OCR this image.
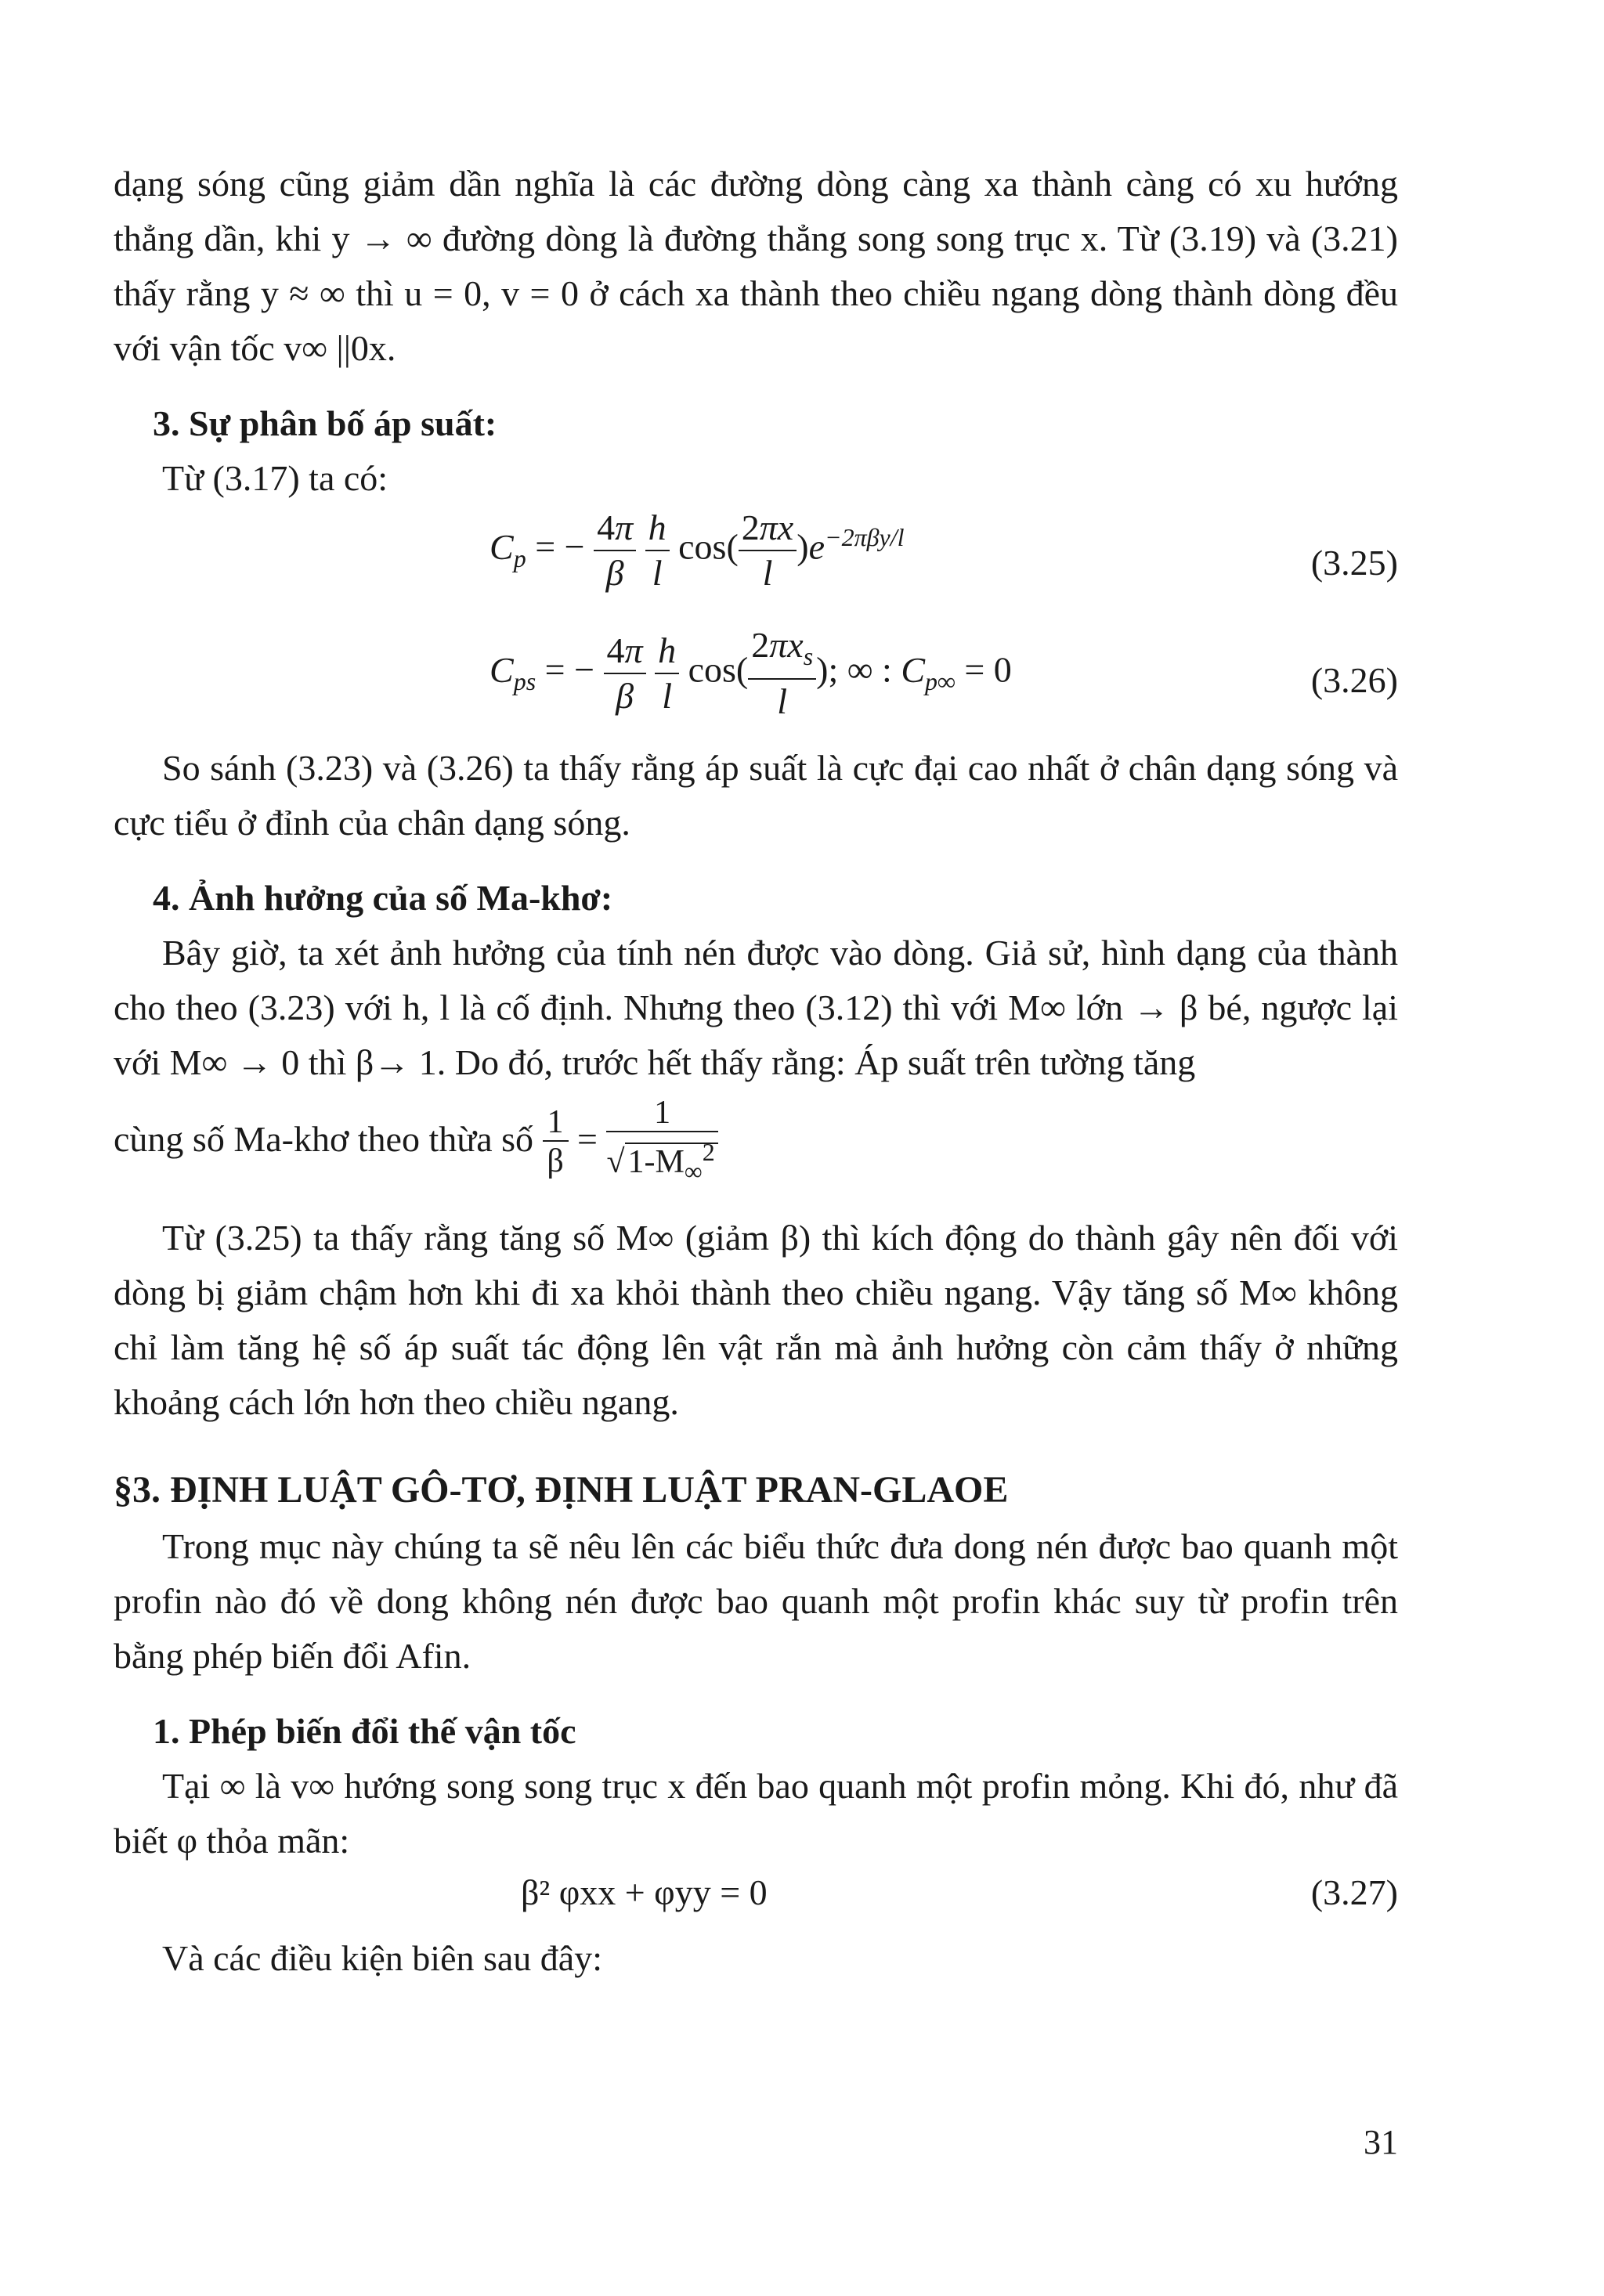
dạng sóng cũng giảm dần nghĩa là các đường dòng càng xa thành càng có xu hướng thẳng dần, khi y → ∞ đường dòng là đường thẳng song song trục x. Từ (3.19) và (3.21) thấy rằng y ≈ ∞ thì u = 0, v = 0 ở cách xa thành theo chiều ngang dòng thành dòng đều với vận tốc v∞ ||0x.

3. Sự phân bố áp suất:

Từ (3.17) ta có:

$C_p$ = − $\frac{4\pi}{\beta}$
$\frac{h}{l} \cos( \frac{2\pi x}{l} )e^{-2\pi\beta y/l}$
(3.25)
$C_{ps}$ = − $\frac{4\pi}{\beta}$
$\frac{h}{l} \cos( \frac{2\pi x_s}{l}$ ); ∞ : $C_{p\infty} = 0$	(3.26)

So sánh (3.23) và (3.26) ta thấy rằng áp suất là cực đại cao nhất ở chân dạng sóng và cực tiểu ở đỉnh của chân dạng sóng.

4. Ảnh hưởng của số Ma-khơ:

Bây giờ, ta xét ảnh hưởng của tính nén được vào dòng. Giả sử, hình dạng của thành cho theo (3.23) với h, l là cố định. Nhưng theo (3.12) thì với M∞ lớn → β bé, ngược lại với M∞ → 0 thì β→ 1. Do đó, trước hết thấy rằng: Áp suất trên tường tăng

cùng số Ma-khơ theo thừa số $\frac{1}{\beta} = \frac{1}{√1-M_\infty^2}$

Từ (3.25) ta thấy rằng tăng số M∞ (giảm β) thì kích động do thành gây nên đối với dòng bị giảm chậm hơn khi đi xa khỏi thành theo chiều ngang. Vậy tăng số M∞ không chỉ làm tăng hệ số áp suất tác động lên vật rắn mà ảnh hưởng còn cảm thấy ở những khoảng cách lớn hơn theo chiều ngang.

§3. ĐỊNH LUẬT GÔ-TƠ, ĐỊNH LUẬT PRAN-GLAOE

Trong mục này chúng ta sẽ nêu lên các biểu thức đưa dong nén được bao quanh một profin nào đó về dong không nén được bao quanh một profin khác suy từ profin trên bằng phép biến đổi Afin.

1. Phép biến đổi thế vận tốc

Tại ∞ là v∞ hướng song song trục x đến bao quanh một profin mỏng. Khi đó, như đã biết φ thỏa mãn:

β² φxx + φyy = 0	(3.27)

Và các điều kiện biên sau đây:

31
